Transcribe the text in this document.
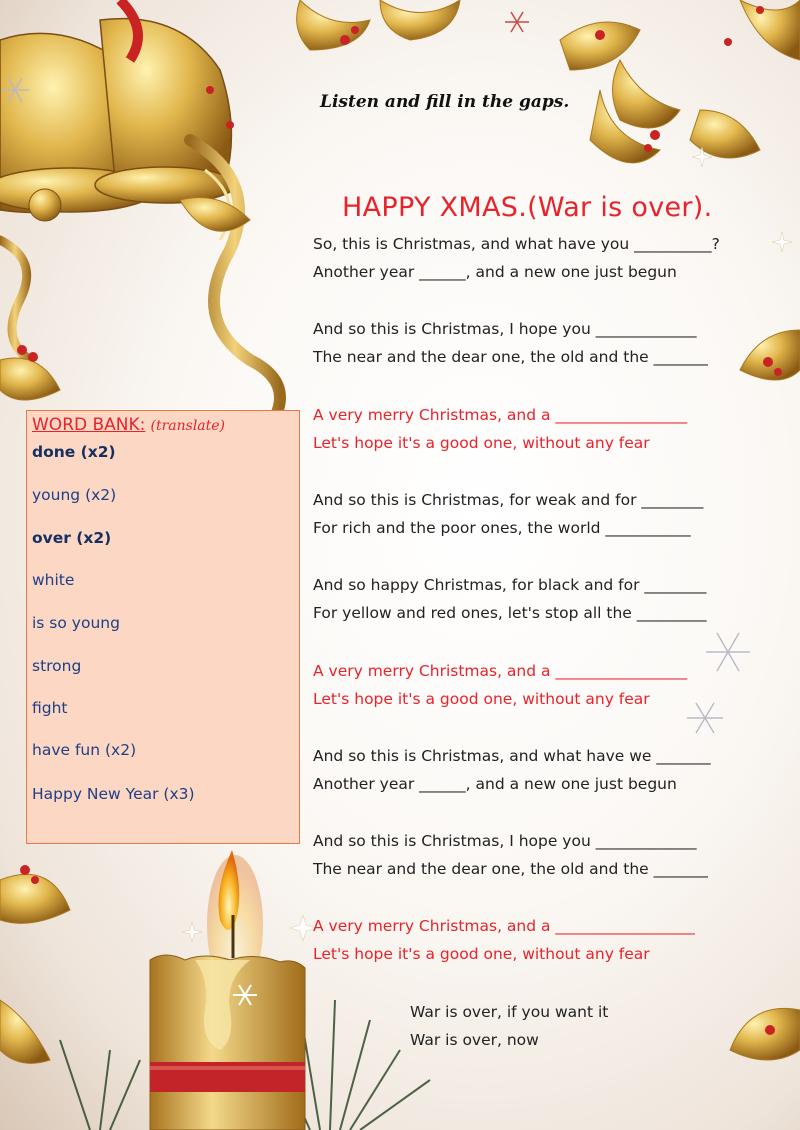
Listen and fill in the gaps.
HAPPY XMAS.(War is over).
So, this is Christmas, and what have you __________?
Another year ______, and a new one just begun
And so this is Christmas, I hope you _____________
The near and the dear one, the old and the _______
A very merry Christmas, and a _________________
Let's hope it's a good one, without any fear
And so this is Christmas, for weak and for ________
For rich and the poor ones, the world ___________
And so happy Christmas, for black and for ________
For yellow and red ones, let's stop all the _________
A very merry Christmas, and a _________________
Let's hope it's a good one, without any fear
And so this is Christmas, and what have we _______
Another year ______, and a new one just begun
And so this is Christmas, I hope you _____________
The near and the dear one, the old and the _______
A very merry Christmas, and a __________________
Let's hope it's a good one, without any fear
War is over, if you want it
War is over, now
WORD BANK: (translate)
done (x2)
young (x2)
over (x2)
white
is so young
strong
fight
have fun (x2)
Happy New Year (x3)
